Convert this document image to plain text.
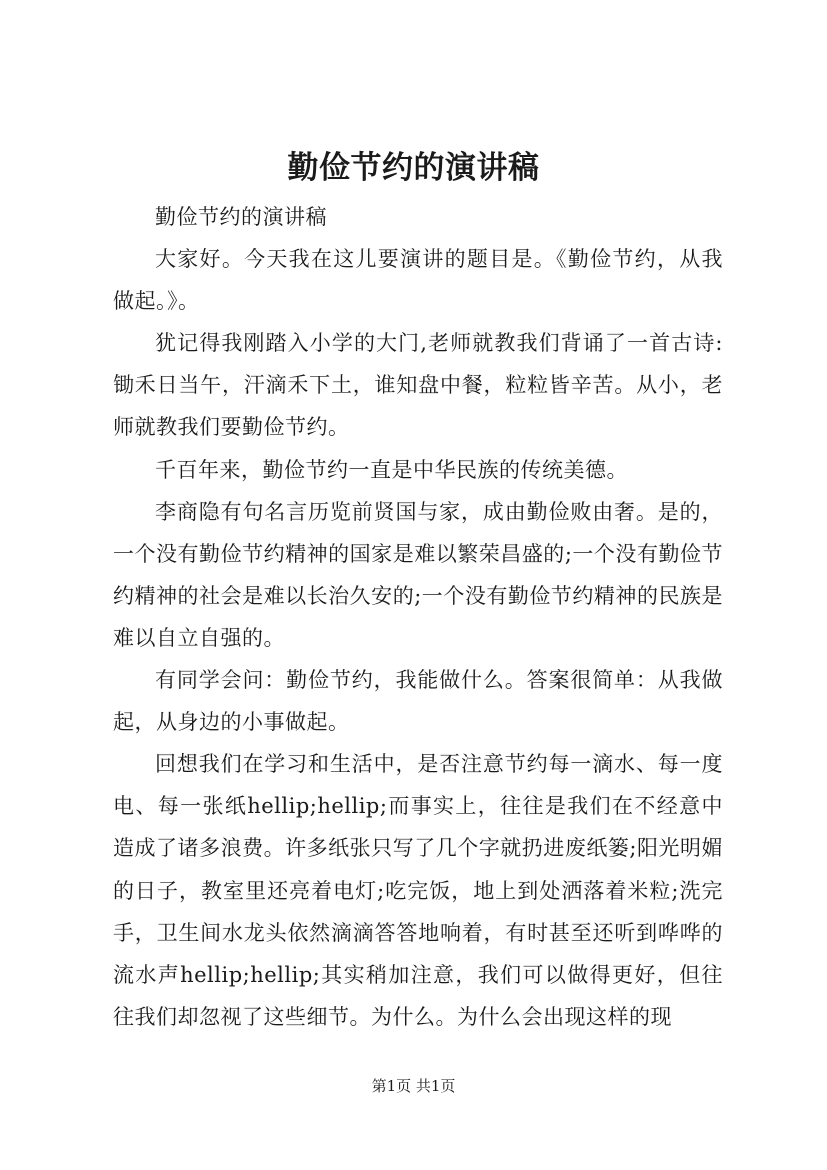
勤俭节约的演讲稿

勤俭节约的演讲稿

大家好。今天我在这儿要演讲的题目是。《勤俭节约，从我做起。》。

犹记得我刚踏入小学的大门,老师就教我们背诵了一首古诗:锄禾日当午，汗滴禾下土，谁知盘中餐，粒粒皆辛苦。从小，老师就教我们要勤俭节约。

千百年来，勤俭节约一直是中华民族的传统美德。

李商隐有句名言历览前贤国与家，成由勤俭败由奢。是的，一个没有勤俭节约精神的国家是难以繁荣昌盛的;一个没有勤俭节约精神的社会是难以长治久安的;一个没有勤俭节约精神的民族是难以自立自强的。

有同学会问：勤俭节约，我能做什么。答案很简单：从我做起，从身边的小事做起。

回想我们在学习和生活中，是否注意节约每一滴水、每一度电、每一张纸hellip;hellip;而事实上，往往是我们在不经意中造成了诸多浪费。许多纸张只写了几个字就扔进废纸篓;阳光明媚的日子，教室里还亮着电灯;吃完饭，地上到处洒落着米粒;洗完手，卫生间水龙头依然滴滴答答地响着，有时甚至还听到哗哗的流水声hellip;hellip;其实稍加注意，我们可以做得更好，但往往我们却忽视了这些细节。为什么。为什么会出现这样的现

第1页 共1页
